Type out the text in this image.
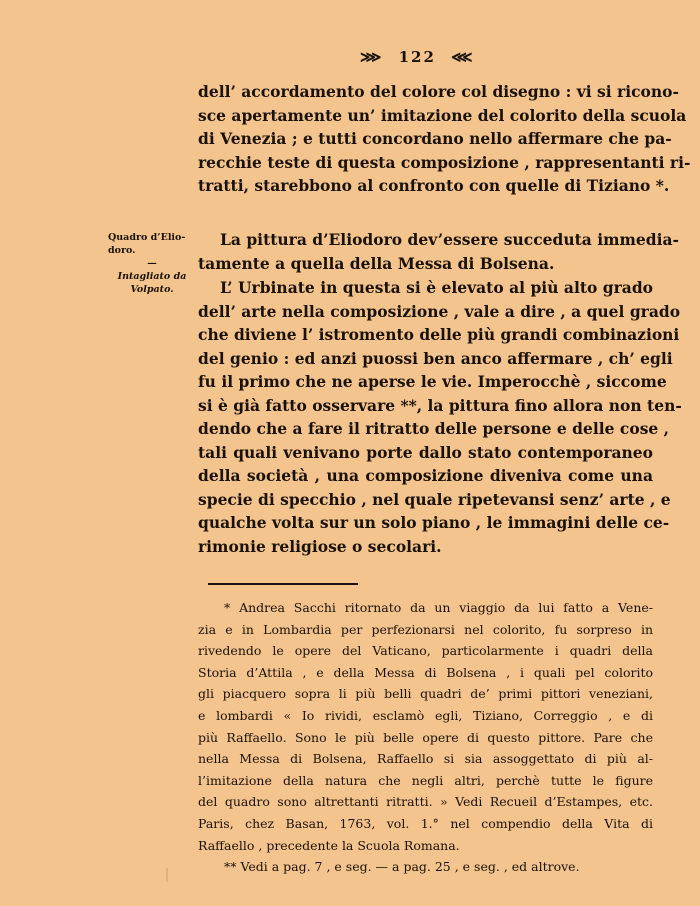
⋙ 122 ⋘
dell’ accordamento del colore col disegno : vi si ricono-
sce apertamente un’ imitazione del colorito della scuola
di Venezia ; e tutti concordano nello affermare che pa-
recchie teste di questa composizione , rappresentanti ri-
tratti, starebbono al confronto con quelle di Tiziano *.
Quadro d’Elio-
doro.
—
Intagliato da
Volpato.
La pittura d’Eliodoro dev’essere succeduta immedia-
tamente a quella della Messa di Bolsena.
L’ Urbinate in questa si è elevato al più alto grado
dell’ arte nella composizione , vale a dire , a quel grado
che diviene l’ istromento delle più grandi combinazioni
del genio : ed anzi puossi ben anco affermare , ch’ egli
fu il primo che ne aperse le vie. Imperocchè , siccome
si è già fatto osservare **, la pittura fino allora non ten-
dendo che a fare il ritratto delle persone e delle cose ,
tali quali venivano porte dallo stato contemporaneo
della società , una composizione diveniva come una
specie di specchio , nel quale ripetevansi senz’ arte , e
qualche volta sur un solo piano , le immagini delle ce-
rimonie religiose o secolari.
* Andrea Sacchi ritornato da un viaggio da lui fatto a Vene-
zia e in Lombardia per perfezionarsi nel colorito, fu sorpreso in
rivedendo le opere del Vaticano, particolarmente i quadri della
Storia d’Attila , e della Messa di Bolsena , i quali pel colorito
gli piacquero sopra li più belli quadri de’ primi pittori veneziani,
e lombardi « Io rividi, esclamò egli, Tiziano, Correggio , e di
più Raffaello. Sono le più belle opere di questo pittore. Pare che
nella Messa di Bolsena, Raffaello si sia assoggettato di più al-
l’imitazione della natura che negli altri, perchè tutte le figure
del quadro sono altrettanti ritratti. » Vedi Recueil d’Estampes, etc.
Paris, chez Basan, 1763, vol. 1.° nel compendio della Vita di
Raffaello , precedente la Scuola Romana.
** Vedi a pag. 7 , e seg. — a pag. 25 , e seg. , ed altrove.
